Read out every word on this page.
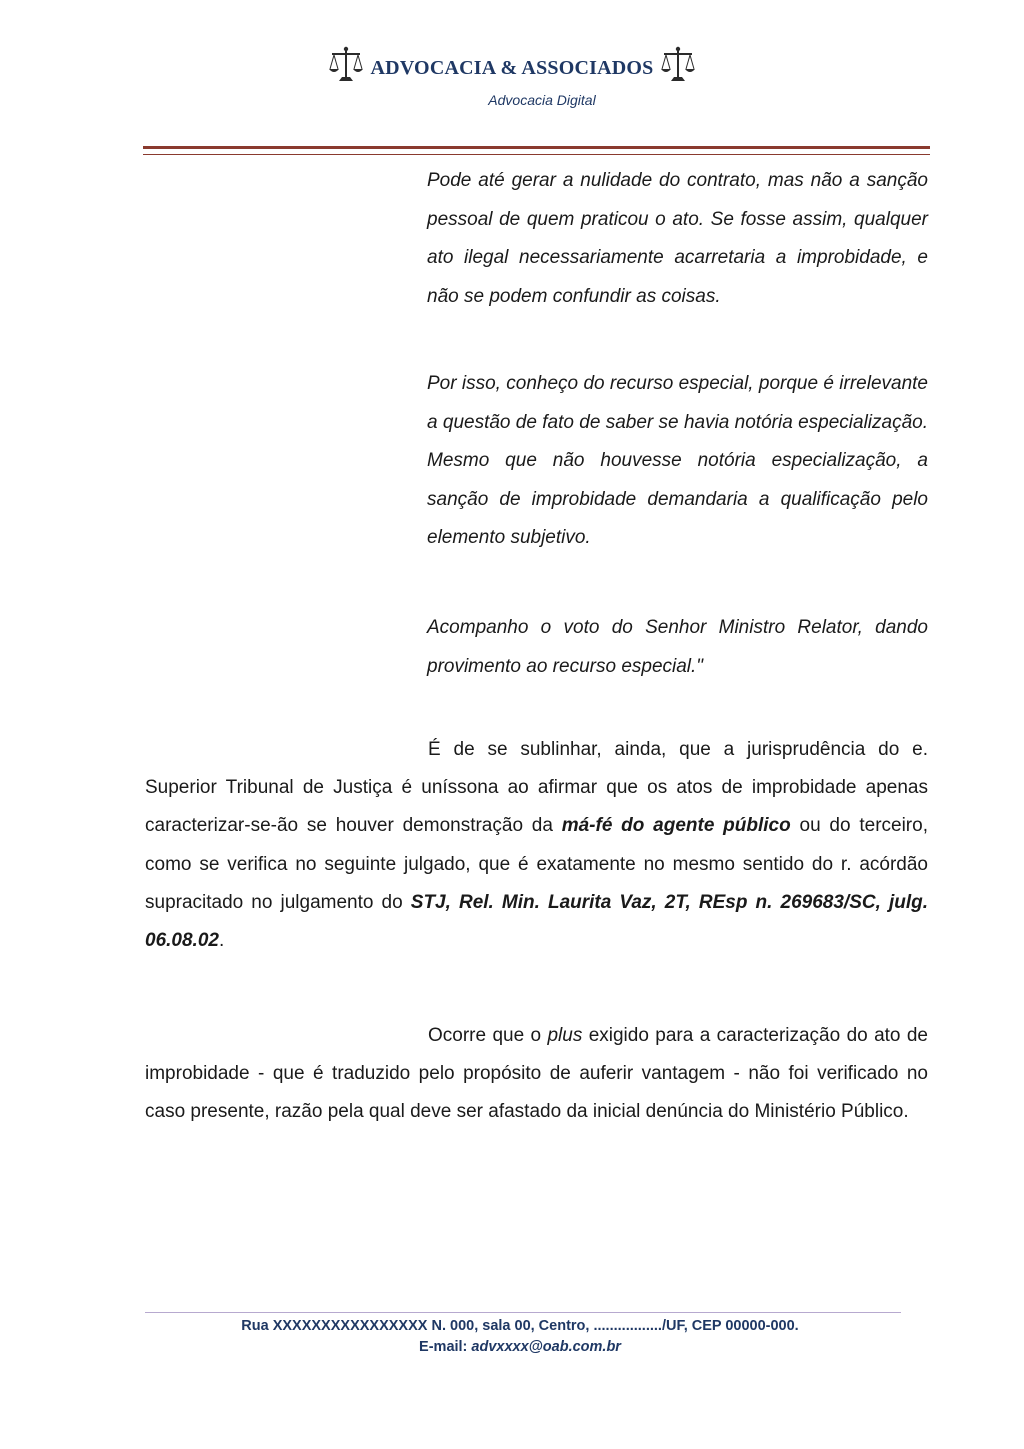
ADVOCACIA & ASSOCIADOS
Advocacia Digital

Pode até gerar a nulidade do contrato, mas não a sanção pessoal de quem praticou o ato. Se fosse assim, qualquer ato ilegal necessariamente acarretaria a improbidade, e não se podem confundir as coisas.

Por isso, conheço do recurso especial, porque é irrelevante a questão de fato de saber se havia notória especialização. Mesmo que não houvesse notória especialização, a sanção de improbidade demandaria a qualificação pelo elemento subjetivo.

Acompanho o voto do Senhor Ministro Relator, dando provimento ao recurso especial."

É de se sublinhar, ainda, que a jurisprudência do e. Superior Tribunal de Justiça é uníssona ao afirmar que os atos de improbidade apenas caracterizar-se-ão se houver demonstração da má-fé do agente público ou do terceiro, como se verifica no seguinte julgado, que é exatamente no mesmo sentido do r. acórdão supracitado no julgamento do STJ, Rel. Min. Laurita Vaz, 2T, REsp n. 269683/SC, julg. 06.08.02.

Ocorre que o plus exigido para a caracterização do ato de improbidade - que é traduzido pelo propósito de auferir vantagem - não foi verificado no caso presente, razão pela qual deve ser afastado da inicial denúncia do Ministério Público.

Rua XXXXXXXXXXXXXXXX N. 000, sala 00, Centro, ................./UF, CEP 00000-000.
E-mail: advxxxx@oab.com.br
